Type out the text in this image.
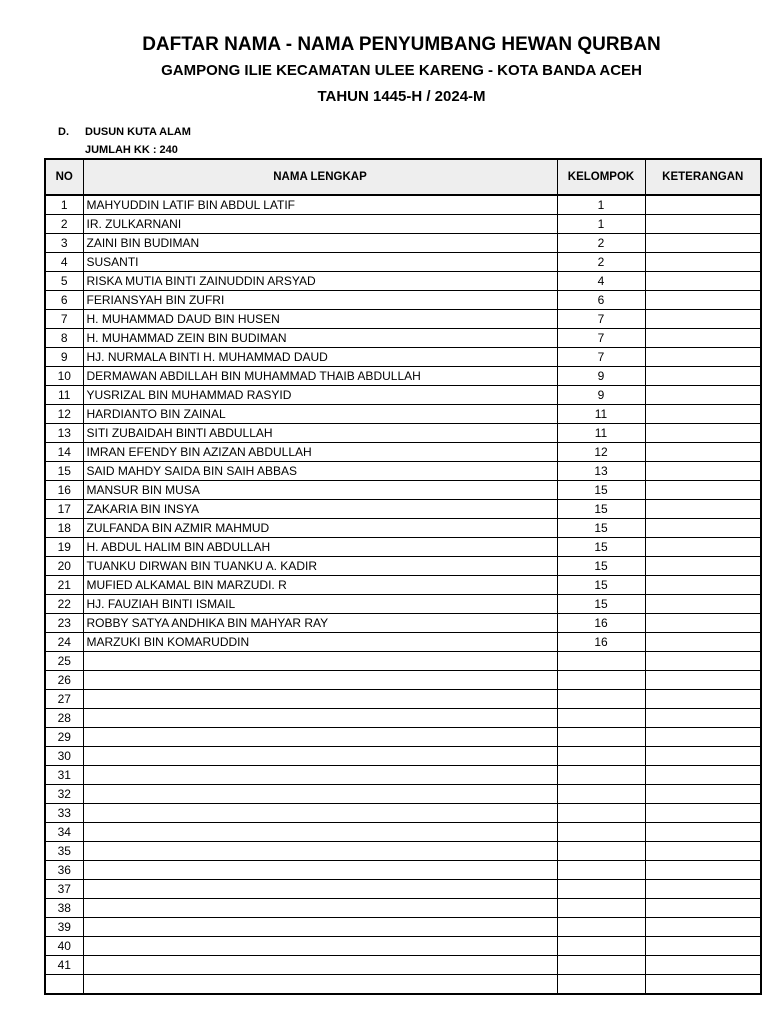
DAFTAR NAMA - NAMA PENYUMBANG HEWAN QURBAN
GAMPONG ILIE KECAMATAN ULEE KARENG - KOTA BANDA ACEH
TAHUN 1445-H / 2024-M
D. DUSUN KUTA ALAM
JUMLAH KK : 240
NO	NAMA LENGKAP	KELOMPOK	KETERANGAN
1	MAHYUDDIN LATIF BIN ABDUL LATIF	1	
2	IR. ZULKARNANI	1	
3	ZAINI BIN BUDIMAN	2	
4	SUSANTI	2	
5	RISKA MUTIA BINTI ZAINUDDIN ARSYAD	4	
6	FERIANSYAH BIN ZUFRI	6	
7	H. MUHAMMAD DAUD BIN HUSEN	7	
8	H. MUHAMMAD ZEIN BIN BUDIMAN	7	
9	HJ. NURMALA BINTI H. MUHAMMAD DAUD	7	
10	DERMAWAN ABDILLAH BIN MUHAMMAD THAIB ABDULLAH	9	
11	YUSRIZAL BIN MUHAMMAD RASYID	9	
12	HARDIANTO BIN ZAINAL	11	
13	SITI ZUBAIDAH BINTI ABDULLAH	11	
14	IMRAN EFENDY BIN AZIZAN ABDULLAH	12	
15	SAID MAHDY SAIDA BIN SAIH ABBAS	13	
16	MANSUR BIN MUSA	15	
17	ZAKARIA BIN INSYA	15	
18	ZULFANDA BIN AZMIR MAHMUD	15	
19	H. ABDUL HALIM BIN ABDULLAH	15	
20	TUANKU DIRWAN BIN TUANKU A. KADIR	15	
21	MUFIED ALKAMAL BIN MARZUDI. R	15	
22	HJ. FAUZIAH BINTI ISMAIL	15	
23	ROBBY SATYA ANDHIKA BIN MAHYAR RAY	16	
24	MARZUKI BIN KOMARUDDIN	16	
25			
26			
27			
28			
29			
30			
31			
32			
33			
34			
35			
36			
37			
38			
39			
40			
41			
